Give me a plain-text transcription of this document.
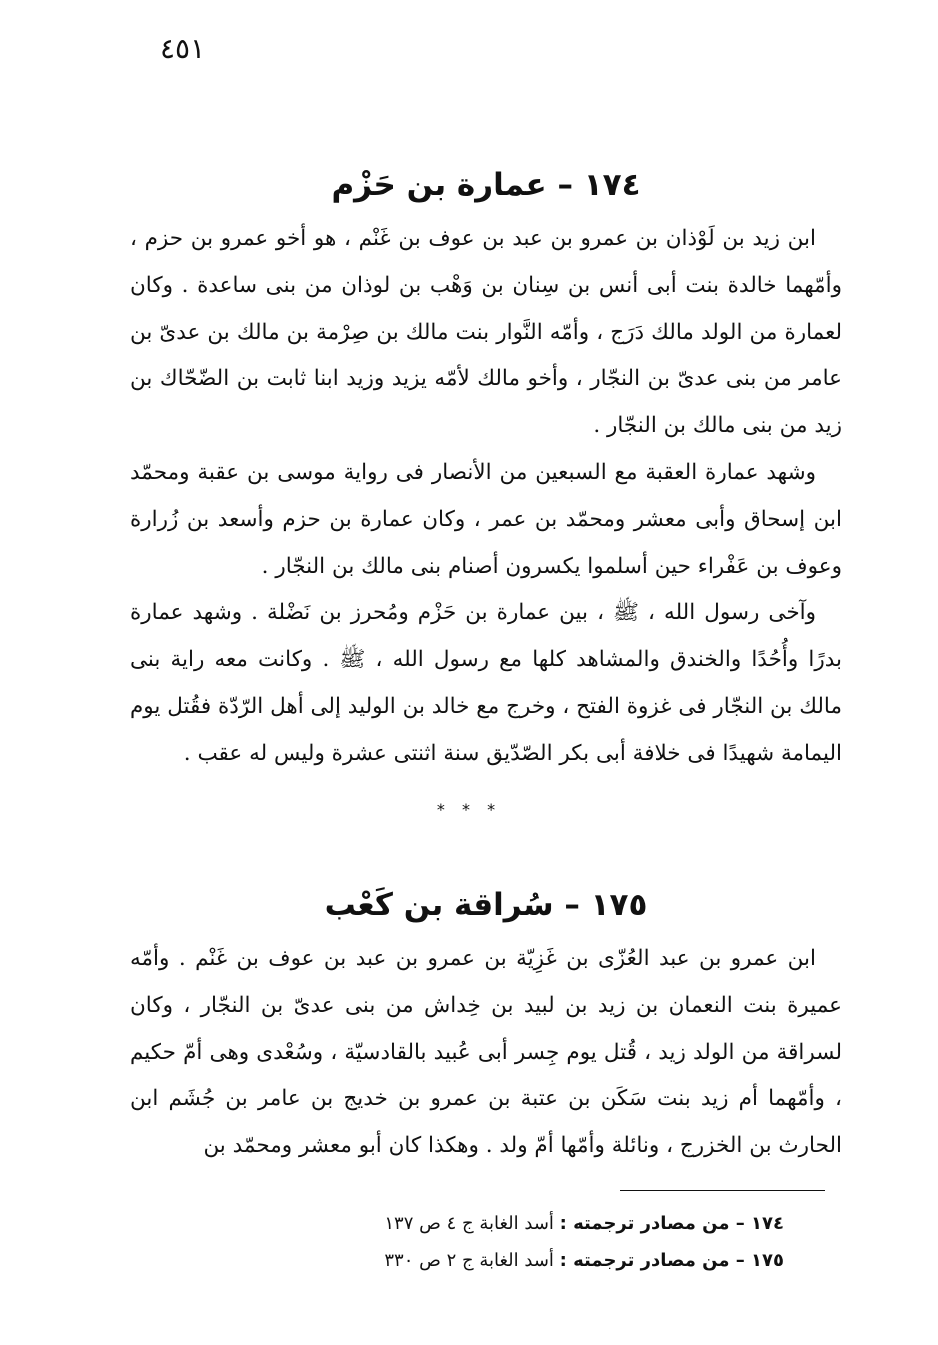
٤٥١
١٧٤ – عمارة بن حَزْم

ابن زيد بن لَوْذان بن عمرو بن عبد بن عوف بن غَنْم ، هو أخو عمرو بن حزم ، وأمّهما خالدة بنت أبى أنس بن سِنان بن وَهْب بن لوذان من بنى ساعدة . وكان لعمارة من الولد مالك دَرَج ، وأمّه النَّوار بنت مالك بن صِرْمة بن مالك بن عدىّ بن عامر من بنى عدىّ بن النجّار ، وأخو مالك لأمّه يزيد وزيد ابنا ثابت بن الضّحّاك بن زيد من بنى مالك بن النجّار .

وشهد عمارة العقبة مع السبعين من الأنصار فى رواية موسى بن عقبة ومحمّد ابن إسحاق وأبى معشر ومحمّد بن عمر ، وكان عمارة بن حزم وأسعد بن زُرارة وعوف بن عَفْراء حين أسلموا يكسرون أصنام بنى مالك بن النجّار .

وآخى رسول الله ، ﷺ ، بين عمارة بن حَزْم ومُحرز بن نَضْلة . وشهد عمارة بدرًا وأُحُدًا والخندق والمشاهد كلها مع رسول الله ، ﷺ . وكانت معه راية بنى مالك بن النجّار فى غزوة الفتح ، وخرج مع خالد بن الوليد إلى أهل الرّدّة فقُتل يوم اليمامة شهيدًا فى خلافة أبى بكر الصّدّيق سنة اثنتى عشرة وليس له عقب .

* * *
١٧٥ – سُراقة بن كَعْب

ابن عمرو بن عبد العُزّى بن غَزِيّة بن عمرو بن عبد بن عوف بن غَنْم . وأمّه عميرة بنت النعمان بن زيد بن لبيد بن خِداش من بنى عدىّ بن النجّار ، وكان لسراقة من الولد زيد ، قُتل يوم جِسر أبى عُبيد بالقادسيّة ، وسُعْدى وهى أمّ حكيم ، وأمّهما أم زيد بنت سَكَن بن عتبة بن عمرو بن خديج بن عامر بن جُشَم ابن الحارث بن الخزرج ، ونائلة وأمّها أمّ ولد . وهكذا كان أبو معشر ومحمّد بن

١٧٤ – من مصادر ترجمته : أسد الغابة ج ٤ ص ١٣٧
١٧٥ – من مصادر ترجمته : أسد الغابة ج ٢ ص ٣٣٠
